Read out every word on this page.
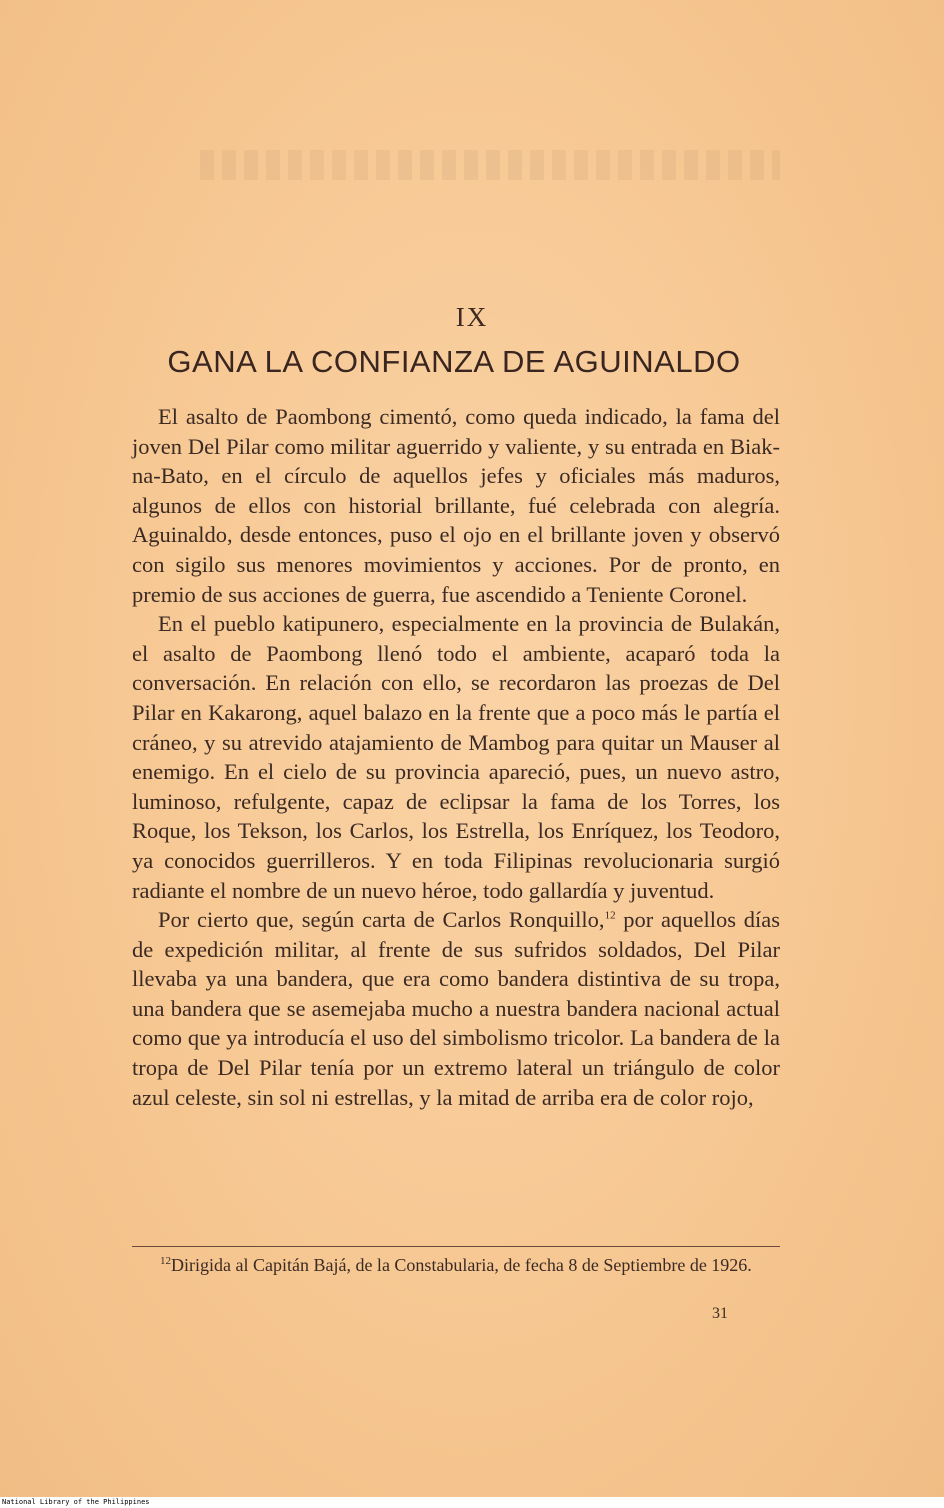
IX
GANA LA CONFIANZA DE AGUINALDO

El asalto de Paombong cimentó, como queda indicado, la fama del joven Del Pilar como militar aguerrido y valiente, y su entrada en Biak-na-Bato, en el círculo de aquellos jefes y oficiales más maduros, algunos de ellos con historial brillante, fué celebrada con alegría. Aguinaldo, desde entonces, puso el ojo en el brillante joven y observó con sigilo sus menores movimientos y acciones. Por de pronto, en premio de sus acciones de guerra, fue ascendido a Teniente Coronel.

En el pueblo katipunero, especialmente en la provincia de Bulakán, el asalto de Paombong llenó todo el ambiente, acaparó toda la conversación. En relación con ello, se recordaron las proezas de Del Pilar en Kakarong, aquel balazo en la frente que a poco más le partía el cráneo, y su atrevido atajamiento de Mambog para quitar un Mauser al enemigo. En el cielo de su provincia apareció, pues, un nuevo astro, luminoso, refulgente, capaz de eclipsar la fama de los Torres, los Roque, los Tekson, los Carlos, los Estrella, los Enríquez, los Teodoro, ya conocidos guerrilleros. Y en toda Filipinas revolucionaria surgió radiante el nombre de un nuevo héroe, todo gallardía y juventud.

Por cierto que, según carta de Carlos Ronquillo,$^{12}$ por aquellos días de expedición militar, al frente de sus sufridos soldados, Del Pilar llevaba ya una bandera, que era como bandera distintiva de su tropa, una bandera que se asemejaba mucho a nuestra bandera nacional actual como que ya introducía el uso del simbolismo tricolor. La bandera de la tropa de Del Pilar tenía por un extremo lateral un triángulo de color azul celeste, sin sol ni estrellas, y la mitad de arriba era de color rojo,

$^{12}$Dirigida al Capitán Bajá, de la Constabularia, de fecha 8 de Septiembre de 1926.
31
National Library of the Philippines
